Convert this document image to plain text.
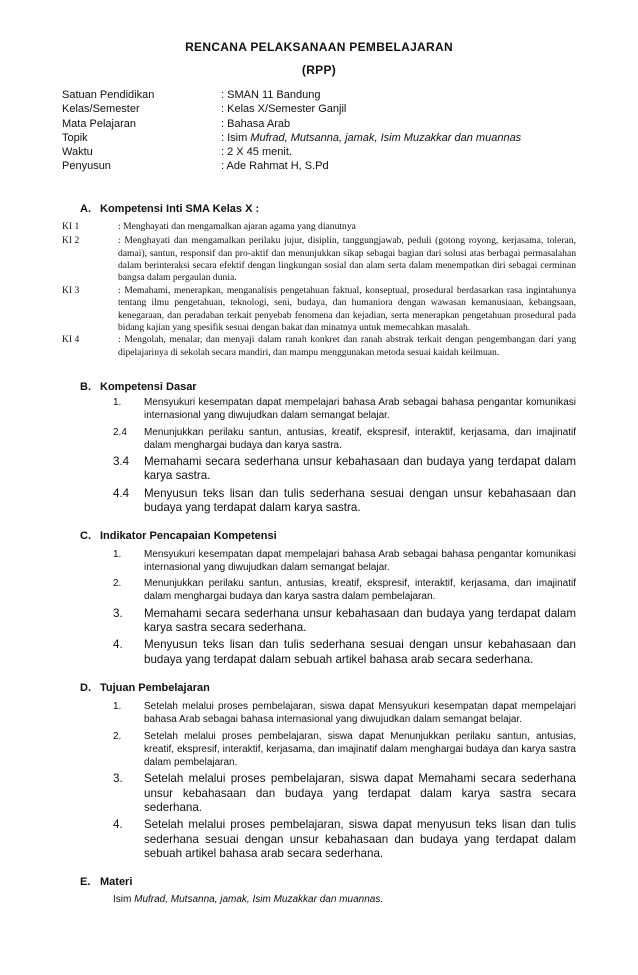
RENCANA PELAKSANAAN PEMBELAJARAN
(RPP)
Satuan Pendidikan	: SMAN 11 Bandung
Kelas/Semester	: Kelas X/Semester Ganjil
Mata Pelajaran	: Bahasa Arab
Topik	: Isim Mufrad, Mutsanna, jamak, Isim Muzakkar dan muannas
Waktu	: 2 X 45 menit.
Penyusun	: Ade Rahmat H, S.Pd
A. Kompetensi Inti SMA Kelas X :
KI 1	: Menghayati dan mengamalkan ajaran agama yang dianutnya
KI 2	: Menghayati dan mengamalkan perilaku jujur, disiplin, tanggungjawab, peduli (gotong royong, kerjasama, toleran, damai), santun, responsif dan pro-aktif dan menunjukkan sikap sebagai bagian dari solusi atas berbagai permasalahan dalam berinteraksi secara efektif dengan lingkungan sosial dan alam serta dalam menempatkan diri sebagai cerminan bangsa dalam pergaulan dunia.
KI 3	: Memahami, menerapkan, menganalisis pengetahuan faktual, konseptual, prosedural berdasarkan rasa ingintahunya tentang ilmu pengetahuan, teknologi, seni, budaya, dan humaniora dengan wawasan kemanusiaan, kebangsaan, kenegaraan, dan peradaban terkait penyebab fenomena dan kejadian, serta menerapkan pengetahuan prosedural pada bidang kajian yang spesifik sesuai dengan bakat dan minatnya untuk memecahkan masalah.
KI 4	: Mengolah, menalar, dan menyaji dalam ranah konkret dan ranah abstrak terkait dengan pengembangan dari yang dipelajarinya di sekolah secara mandiri, dan mampu menggunakan metoda sesuai kaidah keilmuan.
B. Kompetensi Dasar
1.	Mensyukuri kesempatan dapat mempelajari bahasa Arab sebagai bahasa pengantar komunikasi internasional yang diwujudkan dalam semangat belajar.
2.4	Menunjukkan perilaku santun, antusias, kreatif, ekspresif, interaktif, kerjasama, dan imajinatif dalam menghargai budaya dan karya sastra.
3.4	Memahami secara sederhana unsur kebahasaan dan budaya yang terdapat dalam karya sastra.
4.4	Menyusun teks lisan dan tulis sederhana sesuai dengan unsur kebahasaan dan budaya yang terdapat dalam karya sastra.
C. Indikator Pencapaian Kompetensi
1.	Mensyukuri kesempatan dapat mempelajari bahasa Arab sebagai bahasa pengantar komunikasi internasional yang diwujudkan dalam semangat belajar.
2.	Menunjukkan perilaku santun, antusias, kreatif, ekspresif, interaktif, kerjasama, dan imajinatif dalam menghargai budaya dan karya sastra dalam pembelajaran.
3.	Memahami secara sederhana unsur kebahasaan dan budaya yang terdapat dalam karya sastra secara sederhana.
4.	Menyusun teks lisan dan tulis sederhana sesuai dengan unsur kebahasaan dan budaya yang terdapat dalam sebuah artikel bahasa arab secara sederhana.
D. Tujuan Pembelajaran
1.	Setelah melalui proses pembelajaran, siswa dapat Mensyukuri kesempatan dapat mempelajari bahasa Arab sebagai bahasa internasional yang diwujudkan dalam semangat belajar.
2.	Setelah melalui proses pembelajaran, siswa dapat Menunjukkan perilaku santun, antusias, kreatif, ekspresif, interaktif, kerjasama, dan imajinatif dalam menghargai budaya dan karya sastra dalam pembelajaran.
3.	Setelah melalui proses pembelajaran, siswa dapat Memahami secara sederhana unsur kebahasaan dan budaya yang terdapat dalam karya sastra secara sederhana.
4.	Setelah melalui proses pembelajaran, siswa dapat menyusun teks lisan dan tulis sederhana sesuai dengan unsur kebahasaan dan budaya yang terdapat dalam sebuah artikel bahasa arab secara sederhana.
E. Materi
Isim Mufrad, Mutsanna, jamak, Isim Muzakkar dan muannas.
